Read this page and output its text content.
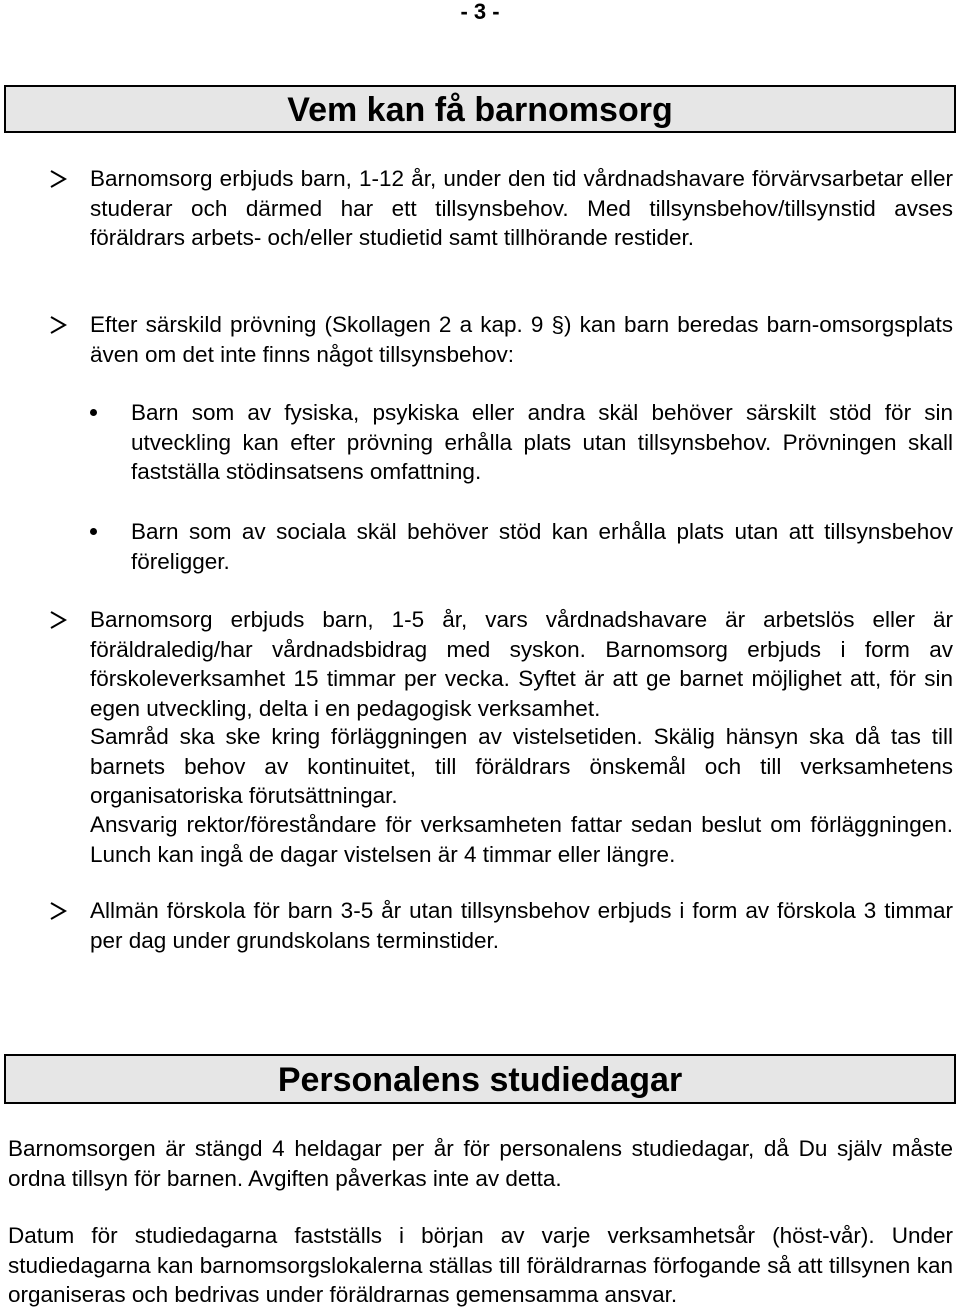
- 3 -
Vem kan få barnomsorg

Barnomsorg erbjuds barn, 1-12 år, under den tid vårdnadshavare förvärvsarbetar eller studerar och därmed har ett tillsynsbehov. Med tillsynsbehov/tillsynstid avses föräldrars arbets- och/eller studietid samt tillhörande restider.

Efter särskild prövning (Skollagen 2 a kap. 9 §) kan barn beredas barn-omsorgsplats även om det inte finns något tillsynsbehov:

Barn som av fysiska, psykiska eller andra skäl behöver särskilt stöd för sin utveckling kan efter prövning erhålla plats utan tillsynsbehov. Prövningen skall fastställa stödinsatsens omfattning.

Barn som av sociala skäl behöver stöd kan erhålla plats utan att tillsynsbehov föreligger.

Barnomsorg erbjuds barn, 1-5 år, vars vårdnadshavare är arbetslös eller är föräldraledig/har vårdnadsbidrag med syskon. Barnomsorg erbjuds i form av förskoleverksamhet 15 timmar per vecka. Syftet är att ge barnet möjlighet att, för sin egen utveckling, delta i en pedagogisk verksamhet.

Samråd ska ske kring förläggningen av vistelsetiden. Skälig hänsyn ska då tas till barnets behov av kontinuitet, till föräldrars önskemål och till verksamhetens organisatoriska förutsättningar.

Ansvarig rektor/föreståndare för verksamheten fattar sedan beslut om förläggningen. Lunch kan ingå de dagar vistelsen är 4 timmar eller längre.

Allmän förskola för barn 3-5 år utan tillsynsbehov erbjuds i form av förskola 3 timmar per dag under grundskolans terminstider.

Personalens studiedagar

Barnomsorgen är stängd 4 heldagar per år för personalens studiedagar, då Du själv måste ordna tillsyn för barnen. Avgiften påverkas inte av detta.

Datum för studiedagarna fastställs i början av varje verksamhetsår (höst-vår). Under studiedagarna kan barnomsorgslokalerna ställas till föräldrarnas förfogande så att tillsynen kan organiseras och bedrivas under föräldrarnas gemensamma ansvar.
